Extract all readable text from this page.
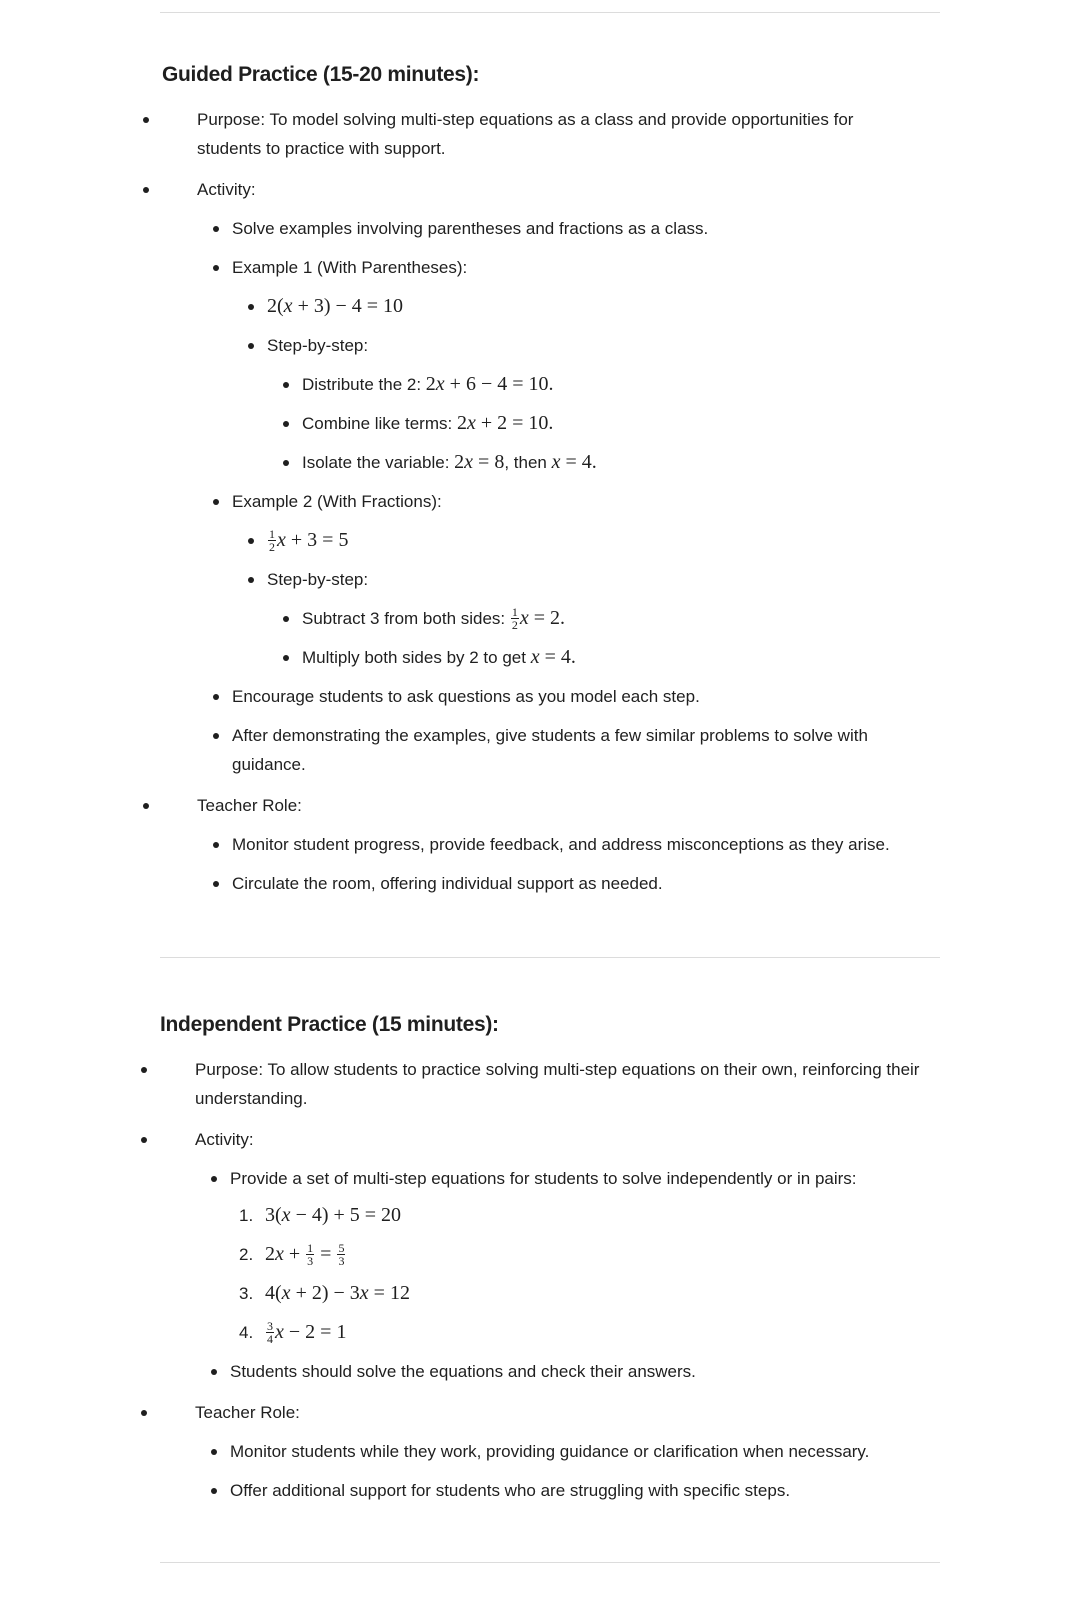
Guided Practice (15-20 minutes):
Purpose: To model solving multi-step equations as a class and provide opportunities for students to practice with support.
Activity:
Solve examples involving parentheses and fractions as a class.
Example 1 (With Parentheses):
2(x + 3) − 4 = 10
Step-by-step:
Distribute the 2: 2x + 6 − 4 = 10.
Combine like terms: 2x + 2 = 10.
Isolate the variable: 2x = 8, then x = 4.
Example 2 (With Fractions):
$\frac{1}{2}$ x + 3 = 5
Step-by-step:
Subtract 3 from both sides: $\frac{1}{2}$ x = 2.
Multiply both sides by 2 to get x = 4.
Encourage students to ask questions as you model each step.
After demonstrating the examples, give students a few similar problems to solve with guidance.
Teacher Role:
Monitor student progress, provide feedback, and address misconceptions as they arise.
Circulate the room, offering individual support as needed.
Independent Practice (15 minutes):
Purpose: To allow students to practice solving multi-step equations on their own, reinforcing their understanding.
Activity:
Provide a set of multi-step equations for students to solve independently or in pairs:
1. 3(x − 4) + 5 = 20
2. $2x + \frac{1}{3} = \frac{5}{3}$
3. 4(x + 2) − 3x = 12
4. $\frac{3}{4}$ x − 2 = 1
Students should solve the equations and check their answers.
Teacher Role:
Monitor students while they work, providing guidance or clarification when necessary.
Offer additional support for students who are struggling with specific steps.
